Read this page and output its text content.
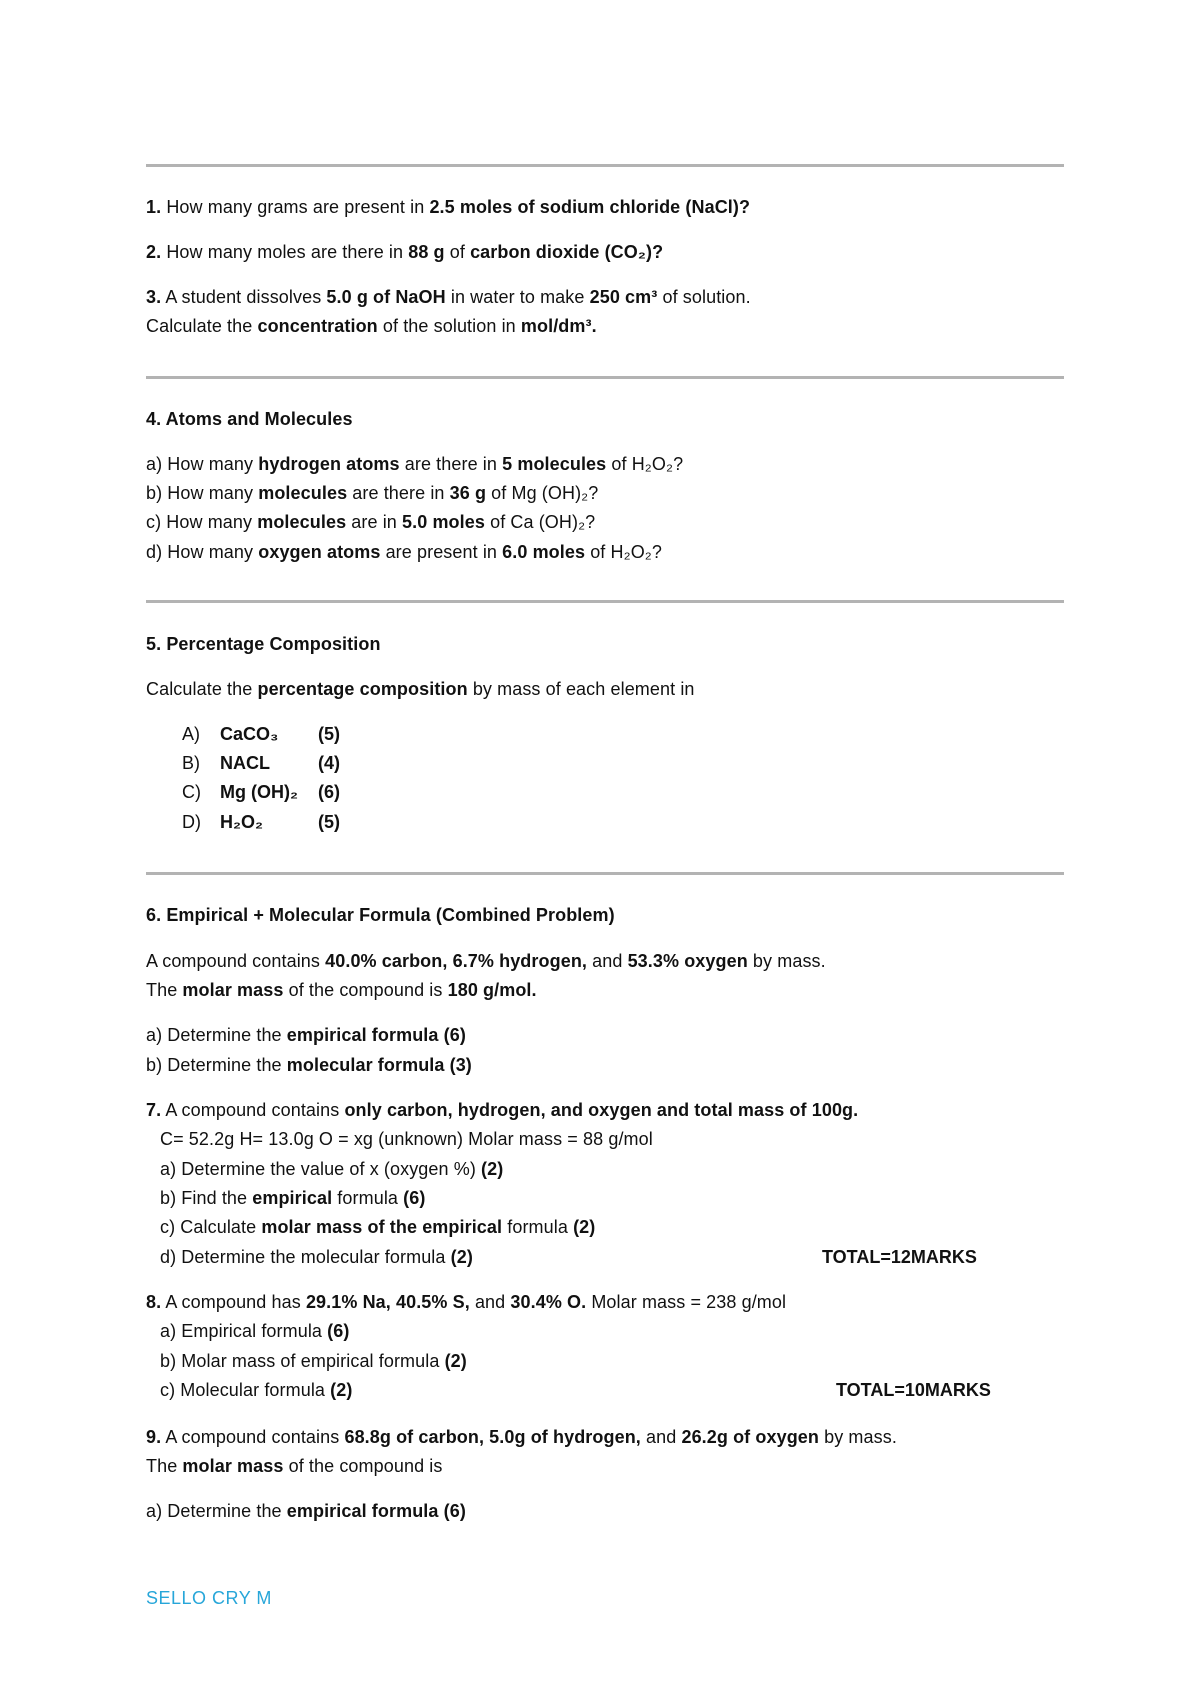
1. How many grams are present in 2.5 moles of sodium chloride (NaCl)?
2. How many moles are there in 88 g of carbon dioxide (CO₂)?
3. A student dissolves 5.0 g of NaOH in water to make 250 cm³ of solution.
Calculate the concentration of the solution in mol/dm³.
4. Atoms and Molecules
a) How many hydrogen atoms are there in 5 molecules of H₂O₂?
b) How many molecules are there in 36 g of Mg (OH)₂?
c) How many molecules are in 5.0 moles of Ca (OH)₂?
d) How many oxygen atoms are present in 6.0 moles of H₂O₂?
5. Percentage Composition
Calculate the percentage composition by mass of each element in
A) CaCO₃ (5)
B) NACL	(4)
C) Mg (OH)₂ (6)
D) H₂O₂	(5)
6. Empirical + Molecular Formula (Combined Problem)
A compound contains 40.0% carbon, 6.7% hydrogen, and 53.3% oxygen by mass.
The molar mass of the compound is 180 g/mol.
a) Determine the empirical formula (6)
b) Determine the molecular formula (3)
7. A compound contains only carbon, hydrogen, and oxygen and total mass of 100g.
C= 52.2g H= 13.0g O = xg (unknown) Molar mass = 88 g/mol
a) Determine the value of x (oxygen %) (2)
b) Find the empirical formula (6)
c) Calculate molar mass of the empirical formula (2)
d) Determine the molecular formula (2)	TOTAL=12MARKS
8. A compound has 29.1% Na, 40.5% S, and 30.4% O. Molar mass = 238 g/mol
a) Empirical formula (6)
b) Molar mass of empirical formula (2)
c) Molecular formula (2)	TOTAL=10MARKS
9. A compound contains 68.8g of carbon, 5.0g of hydrogen, and 26.2g of oxygen by mass.
The molar mass of the compound is
a) Determine the empirical formula (6)
SELLO CRY M
